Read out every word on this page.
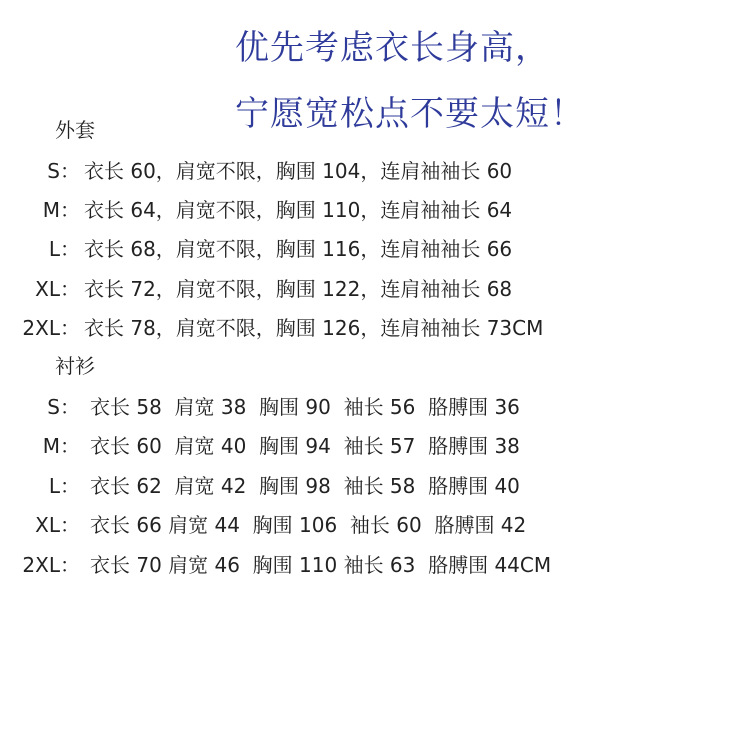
优先考虑衣长身高，
宁愿宽松点不要太短！
外套
S： 衣长 60，肩宽不限，胸围 104，连肩袖袖长 60
M： 衣长 64，肩宽不限，胸围 110，连肩袖袖长 64
L： 衣长 68，肩宽不限，胸围 116，连肩袖袖长 66
XL： 衣长 72，肩宽不限，胸围 122，连肩袖袖长 68
2XL： 衣长 78，肩宽不限，胸围 126，连肩袖袖长 73CM
衬衫
S： 衣长 58  肩宽 38  胸围 90  袖长 56  胳膊围 36
M： 衣长 60  肩宽 40  胸围 94  袖长 57  胳膊围 38
L： 衣长 62  肩宽 42  胸围 98  袖长 58  胳膊围 40
XL： 衣长 66 肩宽 44  胸围 106  袖长 60  胳膊围 42
2XL： 衣长 70 肩宽 46  胸围 110 袖长 63  胳膊围 44CM
